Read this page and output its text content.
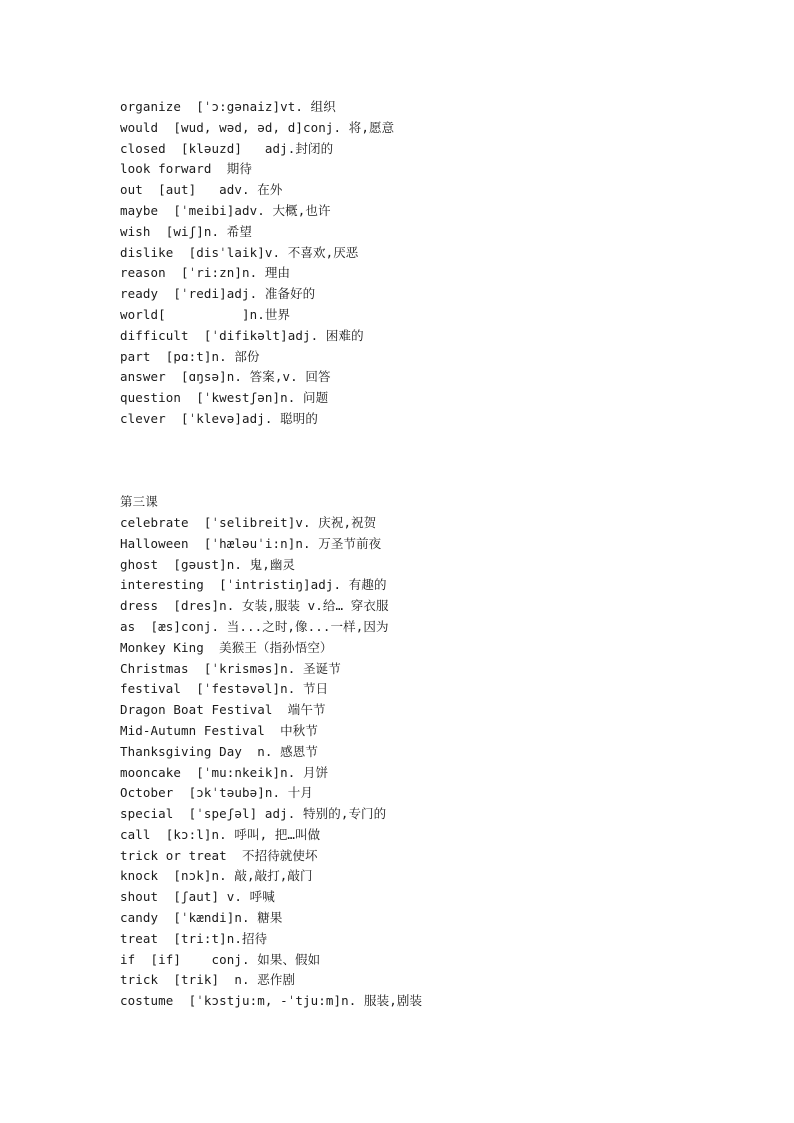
organize  [ˈɔ:gənaiz]vt. 组织
would  [wud, wəd, əd, d]conj. 将,愿意
closed  [kləuzd]   adj.封闭的
look forward  期待
out  [aut]   adv. 在外
maybe  [ˈmeibi]adv. 大概,也许
wish  [wiʃ]n. 希望
dislike  [disˈlaik]v. 不喜欢,厌恶
reason  [ˈri:zn]n. 理由
ready  [ˈredi]adj. 准备好的
world[          ]n.世界
difficult  [ˈdifikəlt]adj. 困难的
part  [pɑ:t]n. 部份
answer  [ɑŋsə]n. 答案,v. 回答
question  [ˈkwestʃən]n. 问题
clever  [ˈklevə]adj. 聪明的
第三课
celebrate  [ˈselibreit]v. 庆祝,祝贺
Halloween  [ˈhæləuˈi:n]n. 万圣节前夜
ghost  [gəust]n. 鬼,幽灵
interesting  [ˈintristiŋ]adj. 有趣的
dress  [dres]n. 女装,服装 v.给… 穿衣服
as  [æs]conj. 当...之时,像...一样,因为
Monkey King  美猴王（指孙悟空）
Christmas  [ˈkrisməs]n. 圣诞节
festival  [ˈfestəvəl]n. 节日
Dragon Boat Festival  端午节
Mid-Autumn Festival  中秋节
Thanksgiving Day  n. 感恩节
mooncake  [ˈmu:nkeik]n. 月饼
October  [ɔkˈtəubə]n. 十月
special  [ˈspeʃəl] adj. 特别的,专门的
call  [kɔ:l]n. 呼叫, 把…叫做
trick or treat  不招待就使坏
knock  [nɔk]n. 敲,敲打,敲门
shout  [ʃaut] v. 呼喊
candy  [ˈkændi]n. 糖果
treat  [tri:t]n.招待
if  [if]    conj. 如果、假如
trick  [trik]  n. 恶作剧
costume  [ˈkɔstju:m, -ˈtju:m]n. 服装,剧装
